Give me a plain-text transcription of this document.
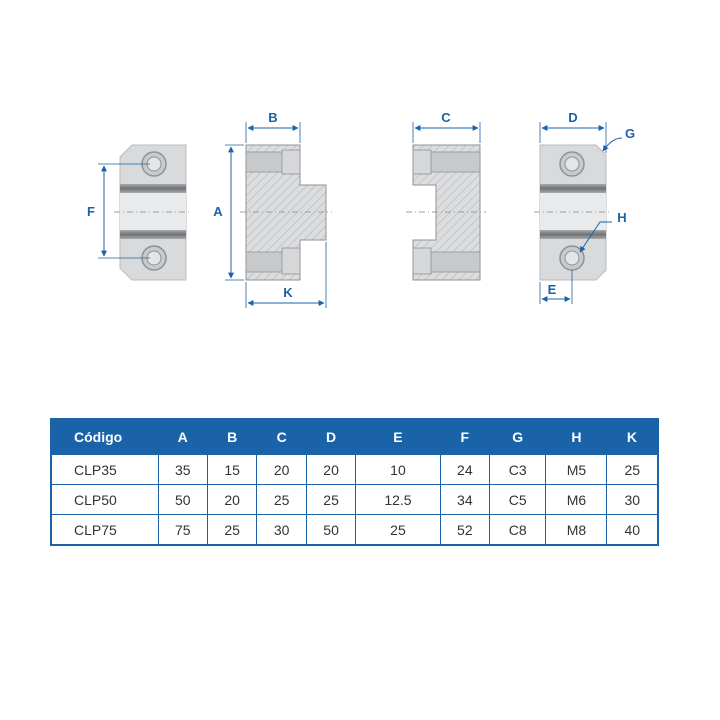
F
B
A
K
C	D
G
H
E
Código	A	B	C	D	E	F	G	H	K
CLP35	35	15	20	20	10	24	C3	M5	25
CLP50	50	20	25	25	12.5	34	C5	M6	30
CLP75	75	25	30	50	25	52	C8	M8	40
